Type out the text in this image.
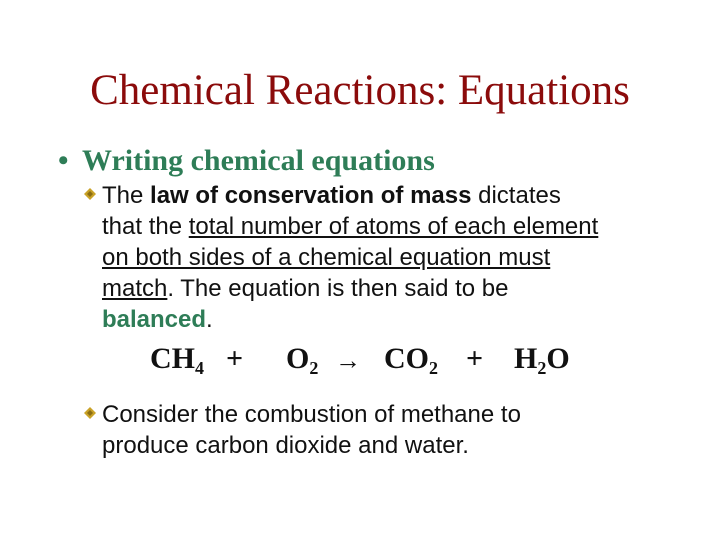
Chemical Reactions: Equations
• Writing chemical equations
The law of conservation of mass dictates
that the total number of atoms of each element
on both sides of a chemical equation must
match. The equation is then said to be
balanced.
$CH_4 + O_2 \to CO_2 + H_2O$
Consider the combustion of methane to
produce carbon dioxide and water.
